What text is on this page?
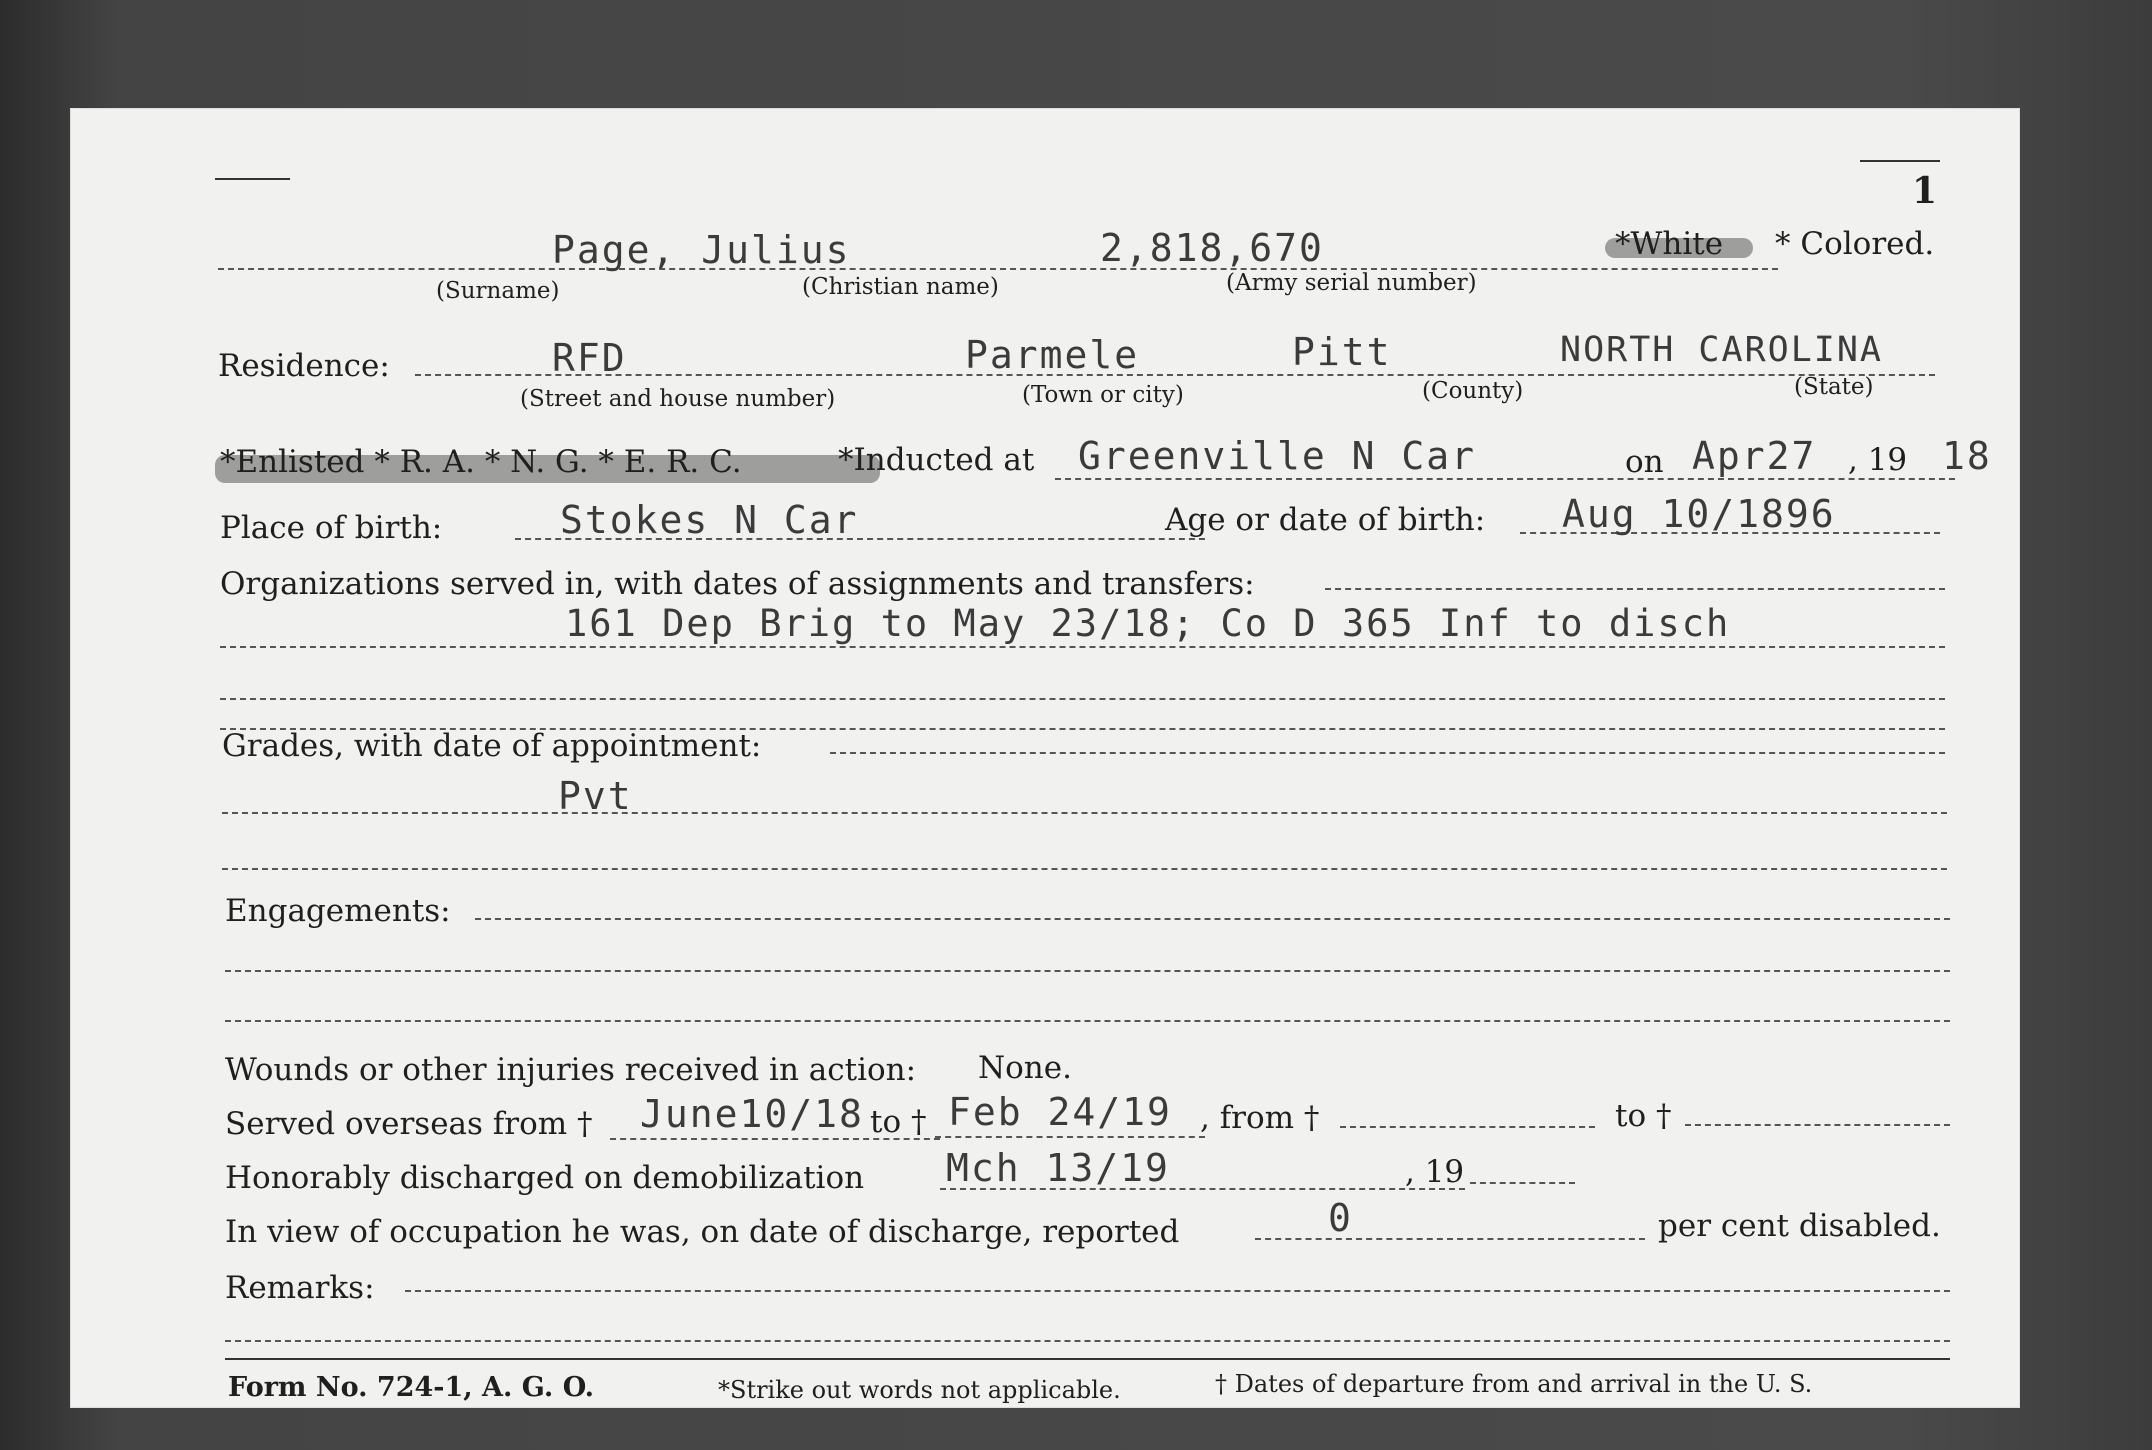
1
Page, Julius	2,818,670	*White * Colored.
(Surname)	(Christian name)	(Army serial number)
Residence:	RFD	Parmele	Pitt	NORTH CAROLINA
(Street and house number)	(Town or city)	(County)	(State)
*Enlisted * R. A. * N. G. * E. R. C.	*Inducted at Greenville N Car	on Apr27 , 19 18
Place of birth:	Stokes N Car	Age or date of birth: Aug 10/1896
Organizations served in, with dates of assignments and transfers:
161 Dep Brig to May 23/18; Co D 365 Inf to disch
Grades, with date of appointment:
Pvt
Engagements:
Wounds or other injuries received in action: None.
Served overseas from † June10/18 to † Feb 24/19 , from †	to †
Honorably discharged on demobilization Mch 13/19	, 19
In view of occupation he was, on date of discharge, reported	0	per cent disabled.
Remarks:
Form No. 724-1, A. G. O.	*Strike out words not applicable.	† Dates of departure from and arrival in the U. S.
